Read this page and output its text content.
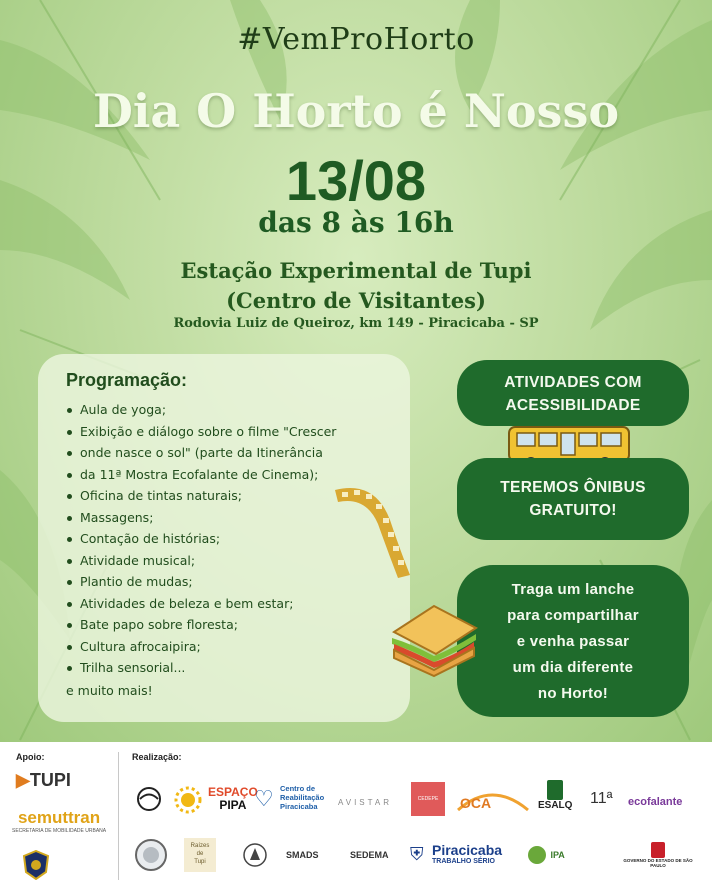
#VemProHorto
Dia O Horto é Nosso
13/08
das 8 às 16h
Estação Experimental de Tupi
(Centro de Visitantes)
Rodovia Luiz de Queiroz, km 149 - Piracicaba - SP
Programação:
Aula de yoga;
Exibição e diálogo sobre o filme "Crescer
onde nasce o sol" (parte da Itinerância
da 11ª Mostra Ecofalante de Cinema);
Oficina de tintas naturais;
Massagens;
Contação de histórias;
Atividade musical;
Plantio de mudas;
Atividades de beleza e bem estar;
Bate papo sobre floresta;
Cultura afrocaipira;
Trilha sensorial...
e muito mais!
ATIVIDADES COM
ACESSIBILIDADE
TEREMOS ÔNIBUS
GRATUITO!
Traga um lanche
para compartilhar
e venha passar
um dia diferente
no Horto!
Apoio:	Realização:
▶TUPI
semuttran
SECRETARIA DE MOBILIDADE URBANA
ESPAÇO
PIPA ♡ Centro de
Reabilitação
Piracicaba	AVISTAR	CEDEPE	OCA	ESALQ 11ª ecofalante
Raízes
de
Tupi
SMADS	SEDEMA ⛨ Piracicaba
TRABALHO SÉRIO
IPA
GOVERNO DO ESTADO DE SÃO PAULO
